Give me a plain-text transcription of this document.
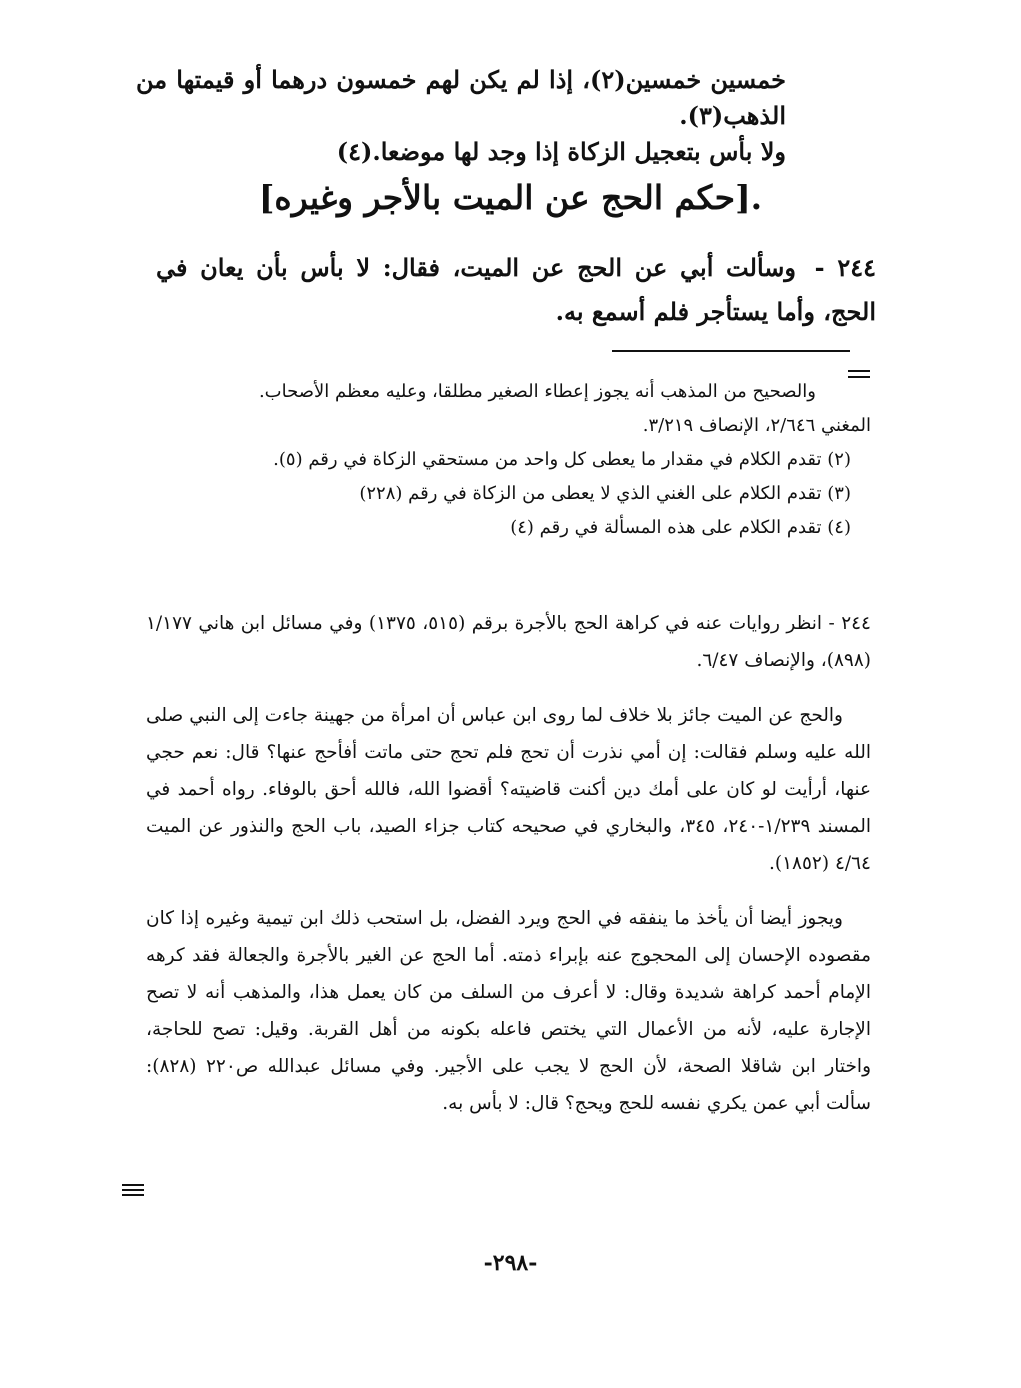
خمسين خمسين(٢)، إذا لم يكن لهم خمسون درهما أو قيمتها من الذهب(٣).
ولا بأس بتعجيل الزكاة إذا وجد لها موضعا.(٤)
.[حكم الحج عن الميت بالأجر وغيره]
٢٤٤ - وسألت أبي عن الحج عن الميت، فقال: لا بأس بأن يعان في الحج، وأما يستأجر فلم أسمع به.

والصحيح من المذهب أنه يجوز إعطاء الصغير مطلقا، وعليه معظم الأصحاب.

المغني ٢/٦٤٦، الإنصاف ٣/٢١٩.

(٢) تقدم الكلام في مقدار ما يعطى كل واحد من مستحقي الزكاة في رقم (٥).

(٣) تقدم الكلام على الغني الذي لا يعطى من الزكاة في رقم (٢٢٨)

(٤) تقدم الكلام على هذه المسألة في رقم (٤)

٢٤٤ - انظر روايات عنه في كراهة الحج بالأجرة برقم (٥١٥، ١٣٧٥) وفي مسائل ابن هاني ١/١٧٧ (٨٩٨)، والإنصاف ٦/٤٧.

والحج عن الميت جائز بلا خلاف لما روى ابن عباس أن امرأة من جهينة جاءت إلى النبي صلى الله عليه وسلم فقالت: إن أمي نذرت أن تحج فلم تحج حتى ماتت أفأحج عنها؟ قال: نعم حجي عنها، أرأيت لو كان على أمك دين أكنت قاضيته؟ أقضوا الله، فالله أحق بالوفاء. رواه أحمد في المسند ١/٢٣٩-٢٤٠، ٣٤٥، والبخاري في صحيحه كتاب جزاء الصيد، باب الحج والنذور عن الميت ٤/٦٤ (١٨٥٢).

ويجوز أيضا أن يأخذ ما ينفقه في الحج ويرد الفضل، بل استحب ذلك ابن تيمية وغيره إذا كان مقصوده الإحسان إلى المحجوج عنه بإبراء ذمته. أما الحج عن الغير بالأجرة والجعالة فقد كرهه الإمام أحمد كراهة شديدة وقال: لا أعرف من السلف من كان يعمل هذا، والمذهب أنه لا تصح الإجارة عليه، لأنه من الأعمال التي يختص فاعله بكونه من أهل القربة. وقيل: تصح للحاجة، واختار ابن شاقلا الصحة، لأن الحج لا يجب على الأجير. وفي مسائل عبدالله ص٢٢٠ (٨٢٨): سألت أبي عمن يكري نفسه للحج ويحج؟ قال: لا بأس به.

-٢٩٨-
